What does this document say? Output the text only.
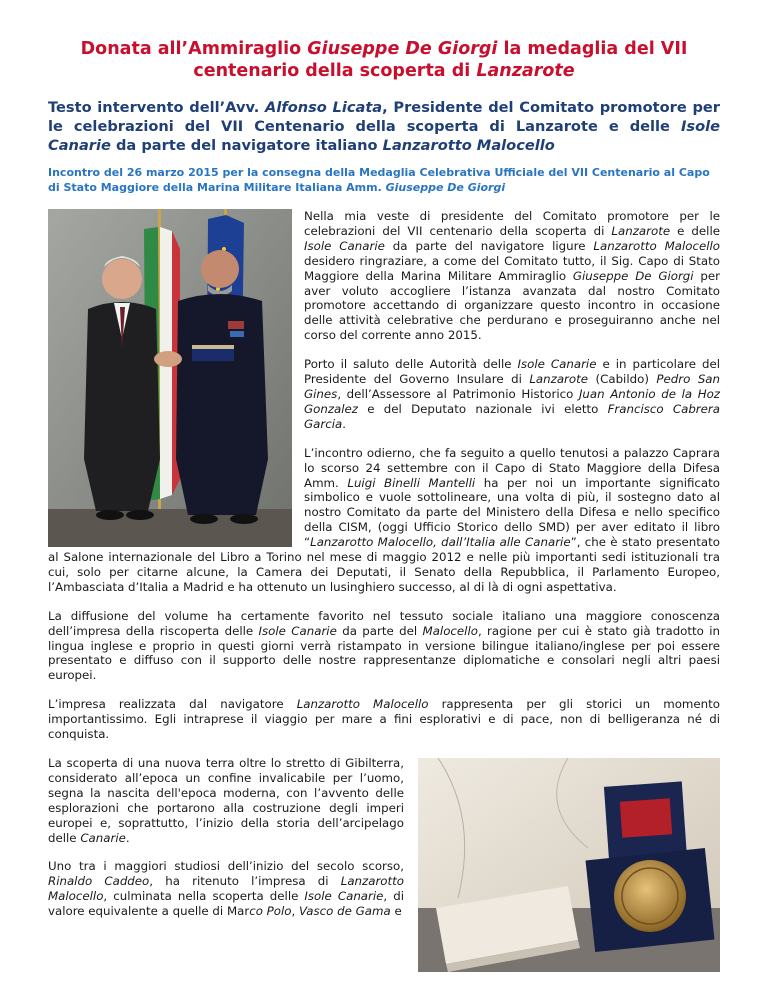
Donata all’Ammiraglio Giuseppe De Giorgi la medaglia del VII centenario della scoperta di Lanzarote
Testo intervento dell’Avv. Alfonso Licata, Presidente del Comitato promotore per le celebrazioni del VII Centenario della scoperta di Lanzarote e delle Isole Canarie da parte del navigatore italiano Lanzarotto Malocello
Incontro del 26 marzo 2015 per la consegna della Medaglia Celebrativa Ufficiale del VII Centenario al Capo di Stato Maggiore della Marina Militare Italiana Amm. Giuseppe De Giorgi

Nella mia veste di presidente del Comitato promotore per le celebrazioni del VII centenario della scoperta di Lanzarote e delle Isole Canarie da parte del navigatore ligure Lanzarotto Malocello desidero ringraziare, a come del Comitato tutto, il Sig. Capo di Stato Maggiore della Marina Militare Ammiraglio Giuseppe De Giorgi per aver voluto accogliere l’istanza avanzata dal nostro Comitato promotore accettando di organizzare questo incontro in occasione delle attività celebrative che perdurano e proseguiranno anche nel corso del corrente anno 2015.

Porto il saluto delle Autorità delle Isole Canarie e in particolare del Presidente del Governo Insulare di Lanzarote (Cabildo) Pedro San Gines, dell’Assessore al Patrimonio Historico Juan Antonio de la Hoz Gonzalez e del Deputato nazionale ivi eletto Francisco Cabrera Garcia.

L’incontro odierno, che fa seguito a quello tenutosi a palazzo Caprara lo scorso 24 settembre con il Capo di Stato Maggiore della Difesa Amm. Luigi Binelli Mantelli ha per noi un importante significato simbolico e vuole sottolineare, una volta di più, il sostegno dato al nostro Comitato da parte del Ministero della Difesa e nello specifico della CISM, (oggi Ufficio Storico dello SMD) per aver editato il libro “Lanzarotto Malocello, dall’Italia alle Canarie”, che è stato presentato al Salone internazionale del Libro a Torino nel mese di maggio 2012 e nelle più importanti sedi istituzionali tra cui, solo per citarne alcune, la Camera dei Deputati, il Senato della Repubblica, il Parlamento Europeo, l’Ambasciata d’Italia a Madrid e ha ottenuto un lusinghiero successo, al di là di ogni aspettativa.

La diffusione del volume ha certamente favorito nel tessuto sociale italiano una maggiore conoscenza dell’impresa della riscoperta delle Isole Canarie da parte del Malocello, ragione per cui è stato già tradotto in lingua inglese e proprio in questi giorni verrà ristampato in versione bilingue italiano/inglese per poi essere presentato e diffuso con il supporto delle nostre rappresentanze diplomatiche e consolari negli altri paesi europei.

L’impresa realizzata dal navigatore Lanzarotto Malocello rappresenta per gli storici un momento importantissimo. Egli intraprese il viaggio per mare a fini esplorativi e di pace, non di belligeranza né di conquista.

La scoperta di una nuova terra oltre lo stretto di Gibilterra, considerato all’epoca un confine invalicabile per l’uomo, segna la nascita dell'epoca moderna, con l’avvento delle esplorazioni che portarono alla costruzione degli imperi europei e, soprattutto, l’inizio della storia dell’arcipelago delle Canarie.

Uno tra i maggiori studiosi dell’inizio del secolo scorso, Rinaldo Caddeo, ha ritenuto l’impresa di Lanzarotto Malocello, culminata nella scoperta delle Isole Canarie, di valore equivalente a quelle di Marco Polo, Vasco de Gama e
